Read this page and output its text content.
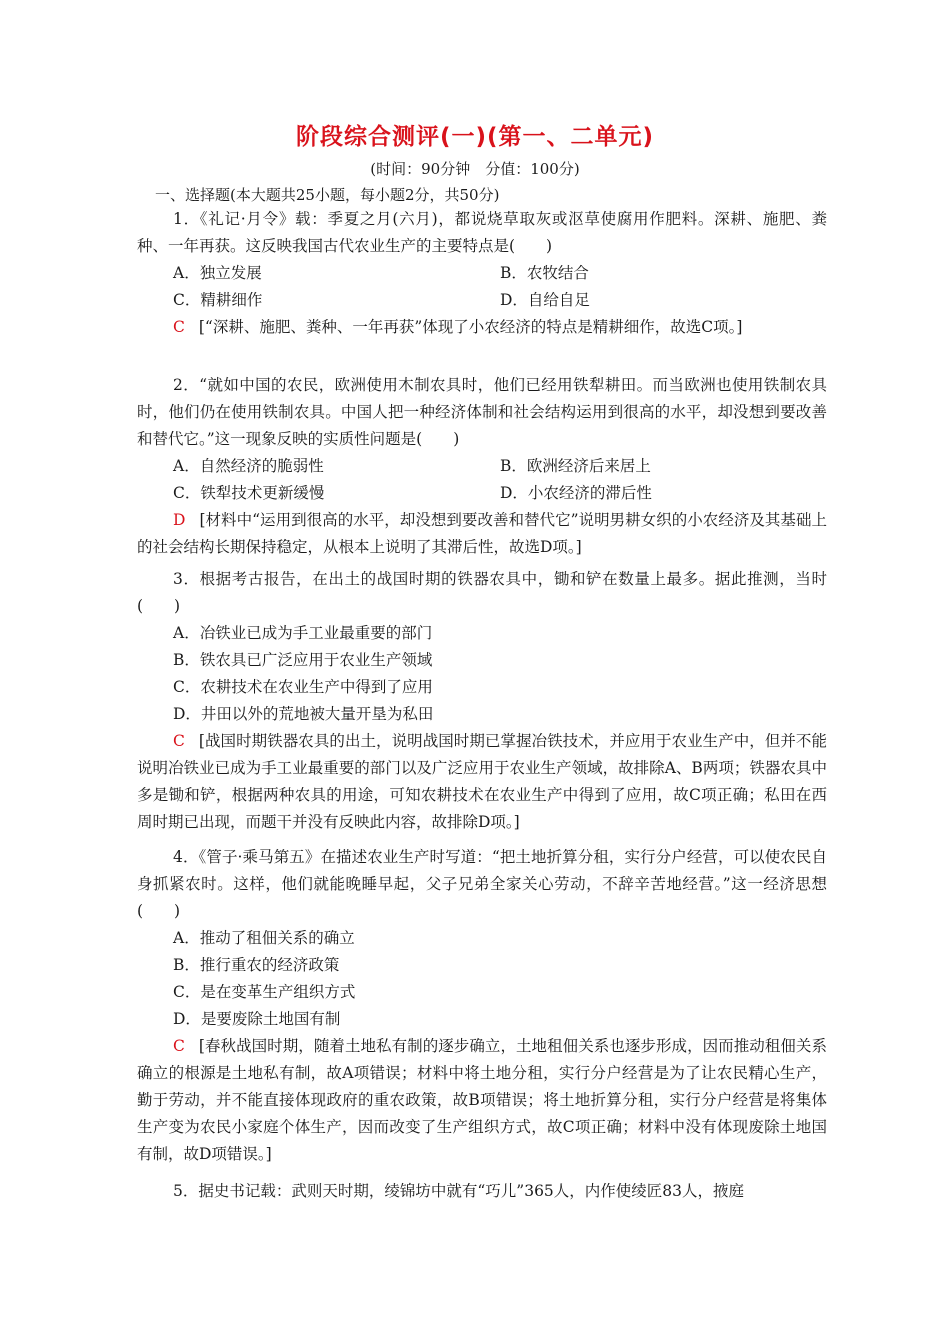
阶段综合测评(一)(第一、二单元)
(时间：90分钟　分值：100分)
一、选择题(本大题共25小题，每小题2分，共50分)
1．《礼记·月令》载：季夏之月(六月)，都说烧草取灰或沤草使腐用作肥料。深耕、施肥、粪种、一年再获。这反映我国古代农业生产的主要特点是(　　)
A．独立发展	B．农牧结合
C．精耕细作	D．自给自足
C [“深耕、施肥、粪种、一年再获”体现了小农经济的特点是精耕细作，故选C项。]
2．“就如中国的农民，欧洲使用木制农具时，他们已经用铁犁耕田。而当欧洲也使用铁制农具时，他们仍在使用铁制农具。中国人把一种经济体制和社会结构运用到很高的水平，却没想到要改善和替代它。”这一现象反映的实质性问题是(　　)
A．自然经济的脆弱性	B．欧洲经济后来居上
C．铁犁技术更新缓慢	D．小农经济的滞后性
D [材料中“运用到很高的水平，却没想到要改善和替代它”说明男耕女织的小农经济及其基础上的社会结构长期保持稳定，从根本上说明了其滞后性，故选D项。]
3．根据考古报告，在出土的战国时期的铁器农具中，锄和铲在数量上最多。据此推测，当时(　　)
A．冶铁业已成为手工业最重要的部门
B．铁农具已广泛应用于农业生产领域
C．农耕技术在农业生产中得到了应用
D．井田以外的荒地被大量开垦为私田
C [战国时期铁器农具的出土，说明战国时期已掌握冶铁技术，并应用于农业生产中，但并不能说明冶铁业已成为手工业最重要的部门以及广泛应用于农业生产领域，故排除A、B两项；铁器农具中多是锄和铲，根据两种农具的用途，可知农耕技术在农业生产中得到了应用，故C项正确；私田在西周时期已出现，而题干并没有反映此内容，故排除D项。]
4．《管子·乘马第五》在描述农业生产时写道：“把土地折算分租，实行分户经营，可以使农民自身抓紧农时。这样，他们就能晚睡早起，父子兄弟全家关心劳动，不辞辛苦地经营。”这一经济思想(　　)
A．推动了租佃关系的确立
B．推行重农的经济政策
C．是在变革生产组织方式
D．是要废除土地国有制
C [春秋战国时期，随着土地私有制的逐步确立，土地租佃关系也逐步形成，因而推动租佃关系确立的根源是土地私有制，故A项错误；材料中将土地分租，实行分户经营是为了让农民精心生产，勤于劳动，并不能直接体现政府的重农政策，故B项错误；将土地折算分租，实行分户经营是将集体生产变为农民小家庭个体生产，因而改变了生产组织方式，故C项正确；材料中没有体现废除土地国有制，故D项错误。]
5．据史书记载：武则天时期，绫锦坊中就有“巧儿”365人，内作使绫匠83人，掖庭
